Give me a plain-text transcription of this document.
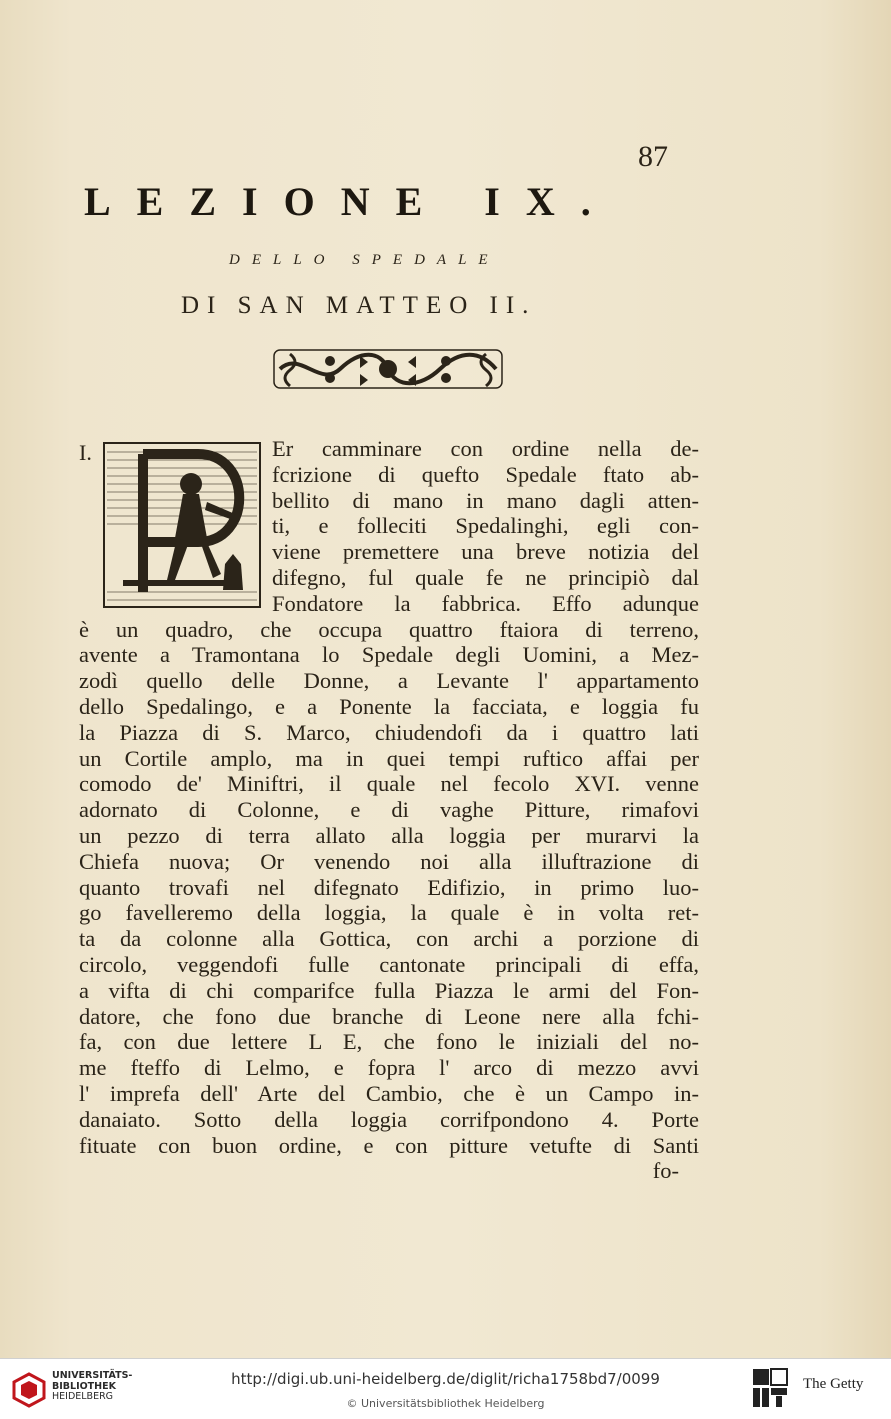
87
LEZIONE IX.
DELLO SPEDALE
DI SAN MATTEO II.
I.	Er camminare con ordine nella de-
fcrizione di quefto Spedale ftato ab-
bellito di mano in mano dagli atten-
ti, e folleciti Spedalinghi, egli con-
viene premettere una breve notizia del
difegno, ful quale fe ne principiò dal
Fondatore la fabbrica. Effo adunque
è un quadro, che occupa quattro ftaiora di terreno,
avente a Tramontana lo Spedale degli Uomini, a Mez-
zodì quello delle Donne, a Levante l' appartamento
dello Spedalingo, e a Ponente la facciata, e loggia fu
la Piazza di S. Marco, chiudendofi da i quattro lati
un Cortile amplo, ma in quei tempi ruftico affai per
comodo de' Miniftri, il quale nel fecolo XVI. venne
adornato di Colonne, e di vaghe Pitture, rimafovi
un pezzo di terra allato alla loggia per murarvi la
Chiefa nuova; Or venendo noi alla illuftrazione di
quanto trovafi nel difegnato Edifizio, in primo luo-
go favelleremo della loggia, la quale è in volta ret-
ta da colonne alla Gottica, con archi a porzione di
circolo, veggendofi fulle cantonate principali di effa,
a vifta di chi comparifce fulla Piazza le armi del Fon-
datore, che fono due branche di Leone nere alla fchi-
fa, con due lettere L E, che fono le iniziali del no-
me fteffo di Lelmo, e fopra l' arco di mezzo avvi
l' imprefa dell' Arte del Cambio, che è un Campo in-
danaiato. Sotto della loggia corrifpondono 4. Porte
fituate con buon ordine, e con pitture vetufte di Santi
fo-
UNIVERSITÄTS-
BIBLIOTHEK
HEIDELBERG
http://digi.ub.uni-heidelberg.de/diglit/richa1758bd7/0099
© Universitätsbibliothek Heidelberg
The Getty
